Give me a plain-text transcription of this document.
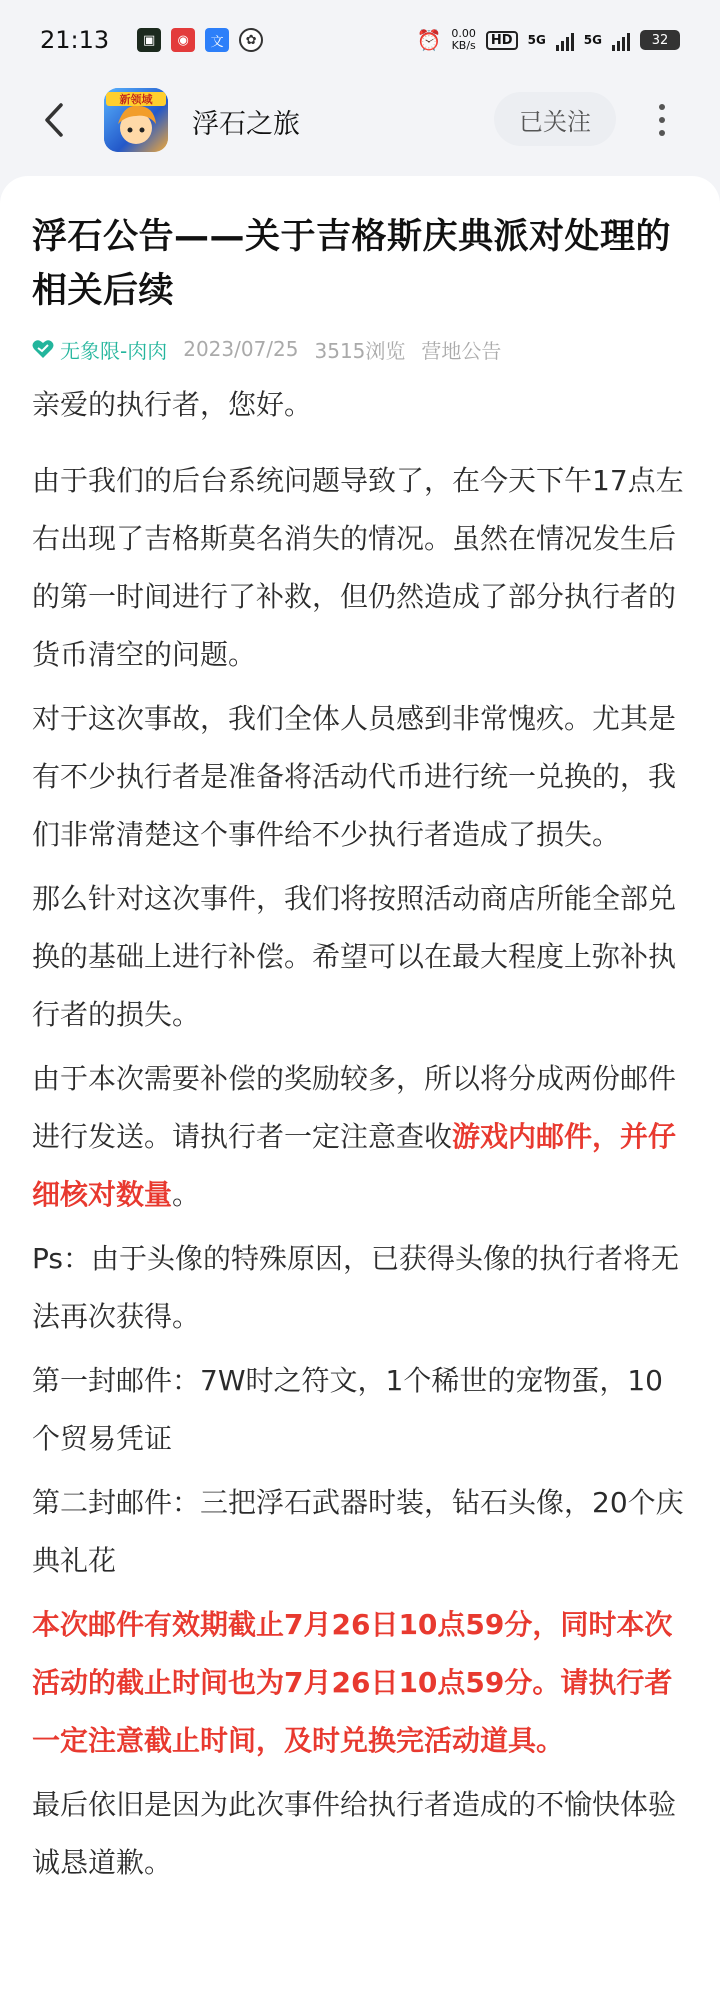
21:13	▣	◉	文	✿	⏰ 0.00
KB/s	HD	5G	5G	32
新领域
浮石之旅	已关注
浮石公告——关于吉格斯庆典派对处理的相关后续
无象限-肉肉 2023/07/25 3515浏览 营地公告

亲爱的执行者，您好。

由于我们的后台系统问题导致了，在今天下午17点左右出现了吉格斯莫名消失的情况。虽然在情况发生后的第一时间进行了补救，但仍然造成了部分执行者的货币清空的问题。

对于这次事故，我们全体人员感到非常愧疚。尤其是有不少执行者是准备将活动代币进行统一兑换的，我们非常清楚这个事件给不少执行者造成了损失。

那么针对这次事件，我们将按照活动商店所能全部兑换的基础上进行补偿。希望可以在最大程度上弥补执行者的损失。

由于本次需要补偿的奖励较多，所以将分成两份邮件进行发送。请执行者一定注意查收游戏内邮件，并仔细核对数量。

Ps：由于头像的特殊原因，已获得头像的执行者将无法再次获得。

第一封邮件：7W时之符文，1个稀世的宠物蛋，10个贸易凭证

第二封邮件：三把浮石武器时装，钻石头像，20个庆典礼花

本次邮件有效期截止7月26日10点59分，同时本次活动的截止时间也为7月26日10点59分。请执行者一定注意截止时间，及时兑换完活动道具。

最后依旧是因为此次事件给执行者造成的不愉快体验诚恳道歉。
